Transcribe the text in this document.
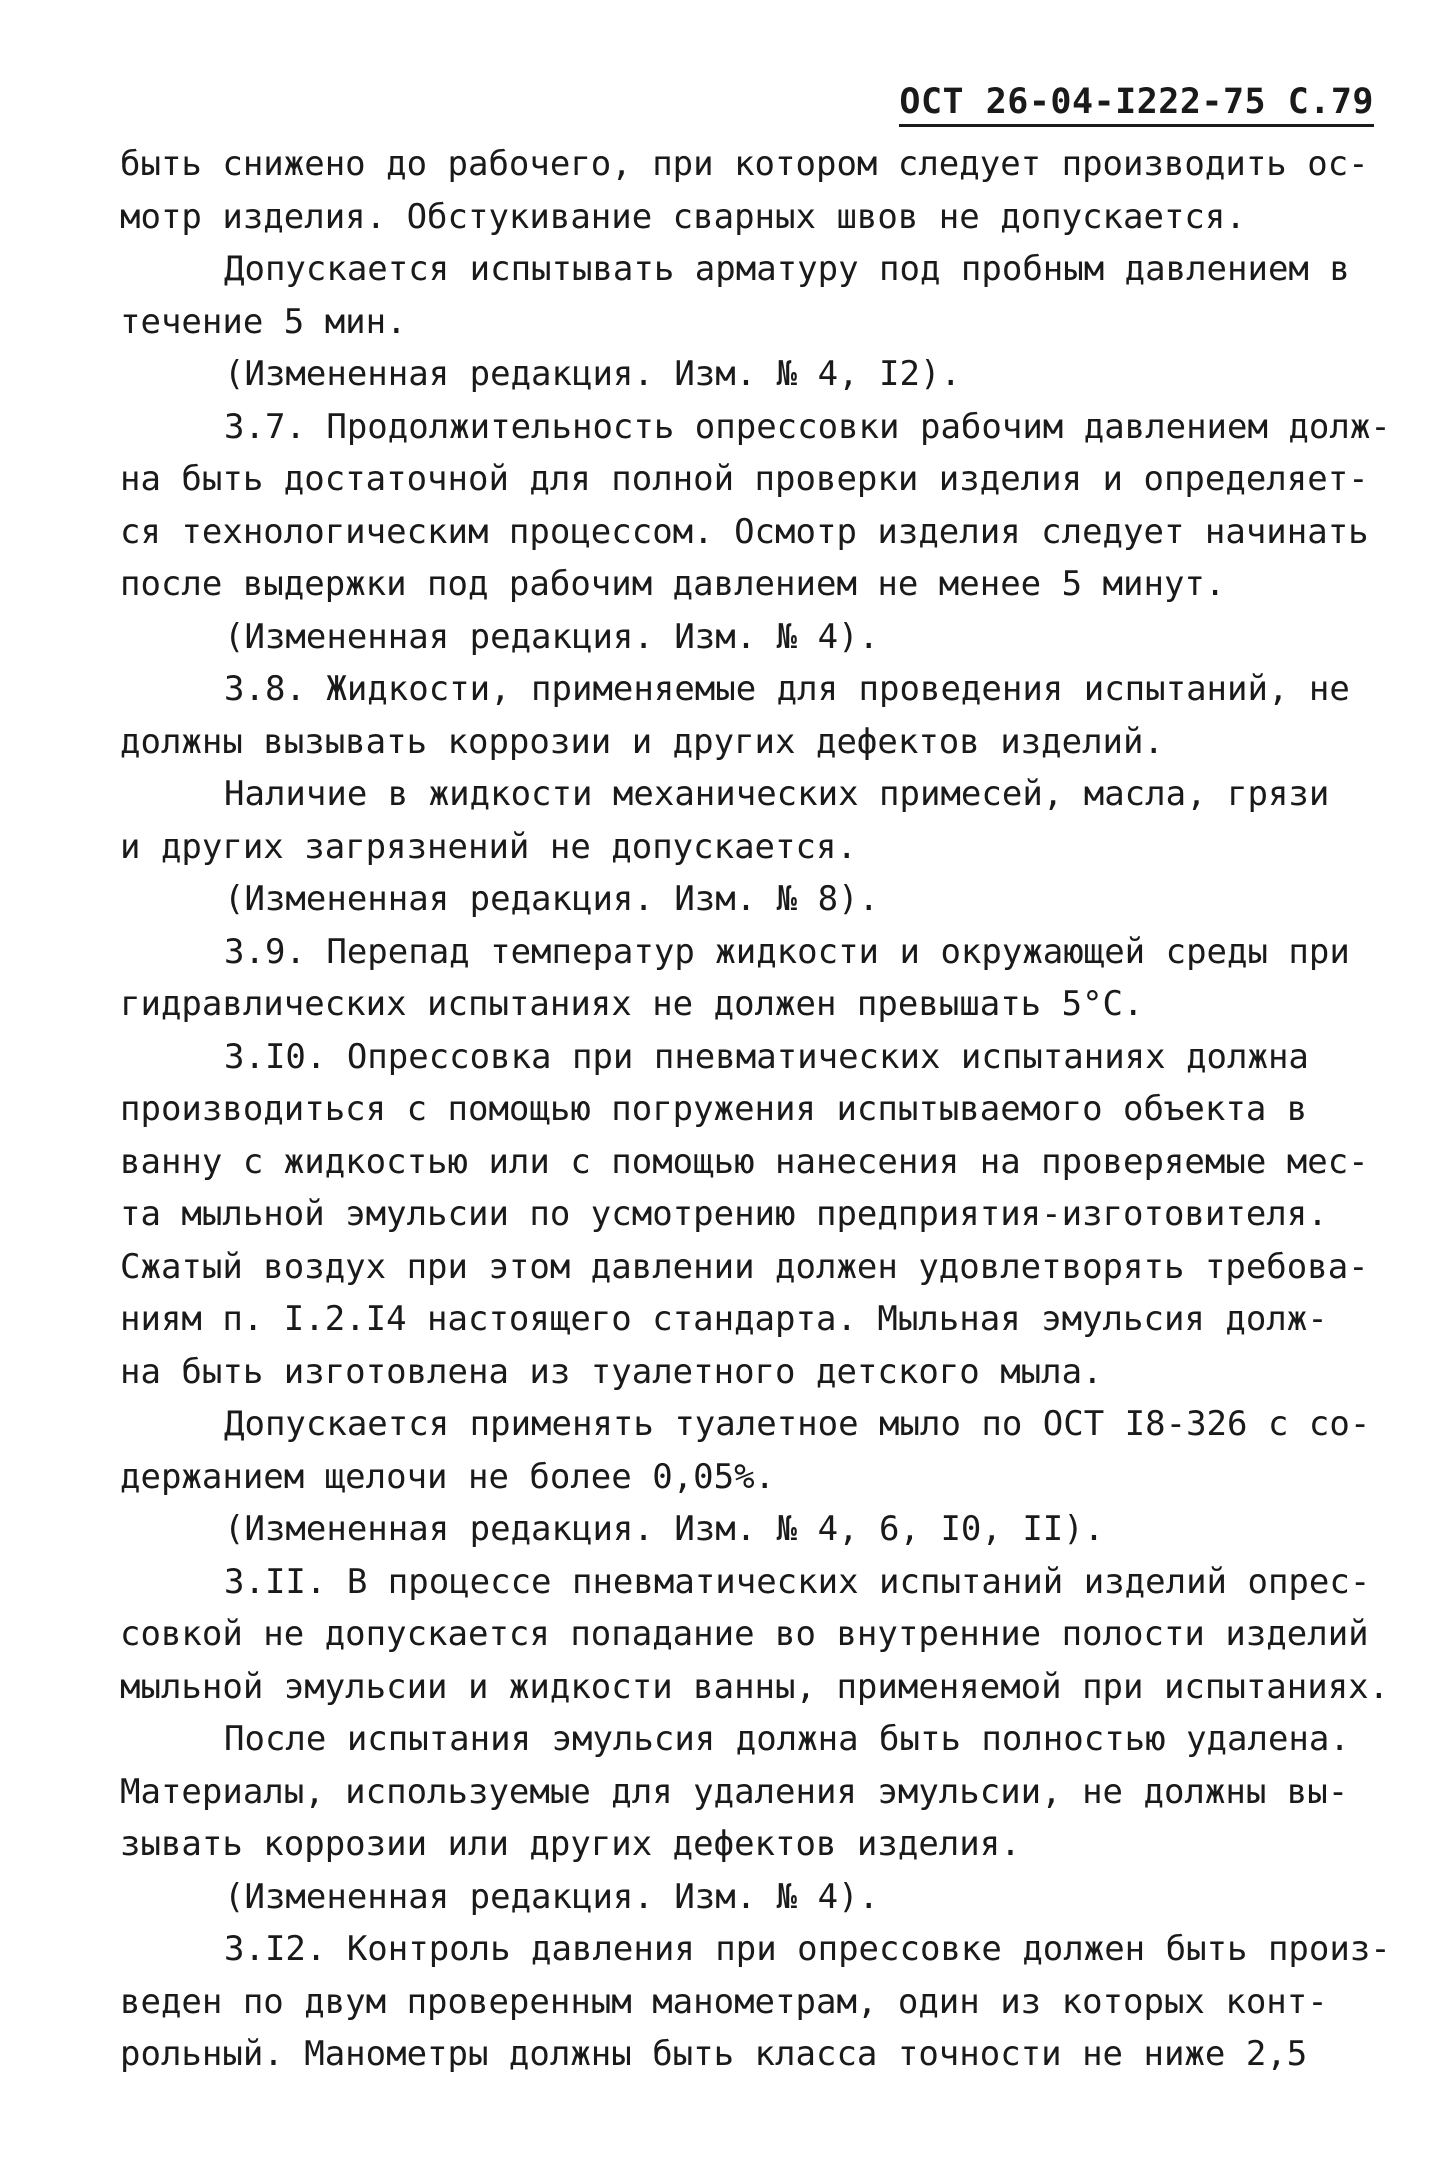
ОСТ 26-04-I222-75 С.79
быть снижено до рабочего, при котором следует производить ос-
мотр изделия. Обстукивание сварных швов не допускается.
Допускается испытывать арматуру под пробным давлением в
течение 5 мин.
(Измененная редакция. Изм. № 4, I2).
3.7. Продолжительность опрессовки рабочим давлением долж-
на быть достаточной для полной проверки изделия и определяет-
ся технологическим процессом. Осмотр изделия следует начинать
после выдержки под рабочим давлением не менее 5 минут.
(Измененная редакция. Изм. № 4).
3.8. Жидкости, применяемые для проведения испытаний, не
должны вызывать коррозии и других дефектов изделий.
Наличие в жидкости механических примесей, масла, грязи
и других загрязнений не допускается.
(Измененная редакция. Изм. № 8).
3.9. Перепад температур жидкости и окружающей среды при
гидравлических испытаниях не должен превышать 5°С.
3.I0. Опрессовка при пневматических испытаниях должна
производиться с помощью погружения испытываемого объекта в
ванну с жидкостью или с помощью нанесения на проверяемые мес-
та мыльной эмульсии по усмотрению предприятия-изготовителя.
Сжатый воздух при этом давлении должен удовлетворять требова-
ниям п. I.2.I4 настоящего стандарта. Мыльная эмульсия долж-
на быть изготовлена из туалетного детского мыла.
Допускается применять туалетное мыло по ОСТ I8-326 с со-
держанием щелочи не более 0,05%.
(Измененная редакция. Изм. № 4, 6, I0, II).
3.II. В процессе пневматических испытаний изделий опрес-
совкой не допускается попадание во внутренние полости изделий
мыльной эмульсии и жидкости ванны, применяемой при испытаниях.
После испытания эмульсия должна быть полностью удалена.
Материалы, используемые для удаления эмульсии, не должны вы-
зывать коррозии или других дефектов изделия.
(Измененная редакция. Изм. № 4).
3.I2. Контроль давления при опрессовке должен быть произ-
веден по двум проверенным манометрам, один из которых конт-
рольный. Манометры должны быть класса точности не ниже 2,5
